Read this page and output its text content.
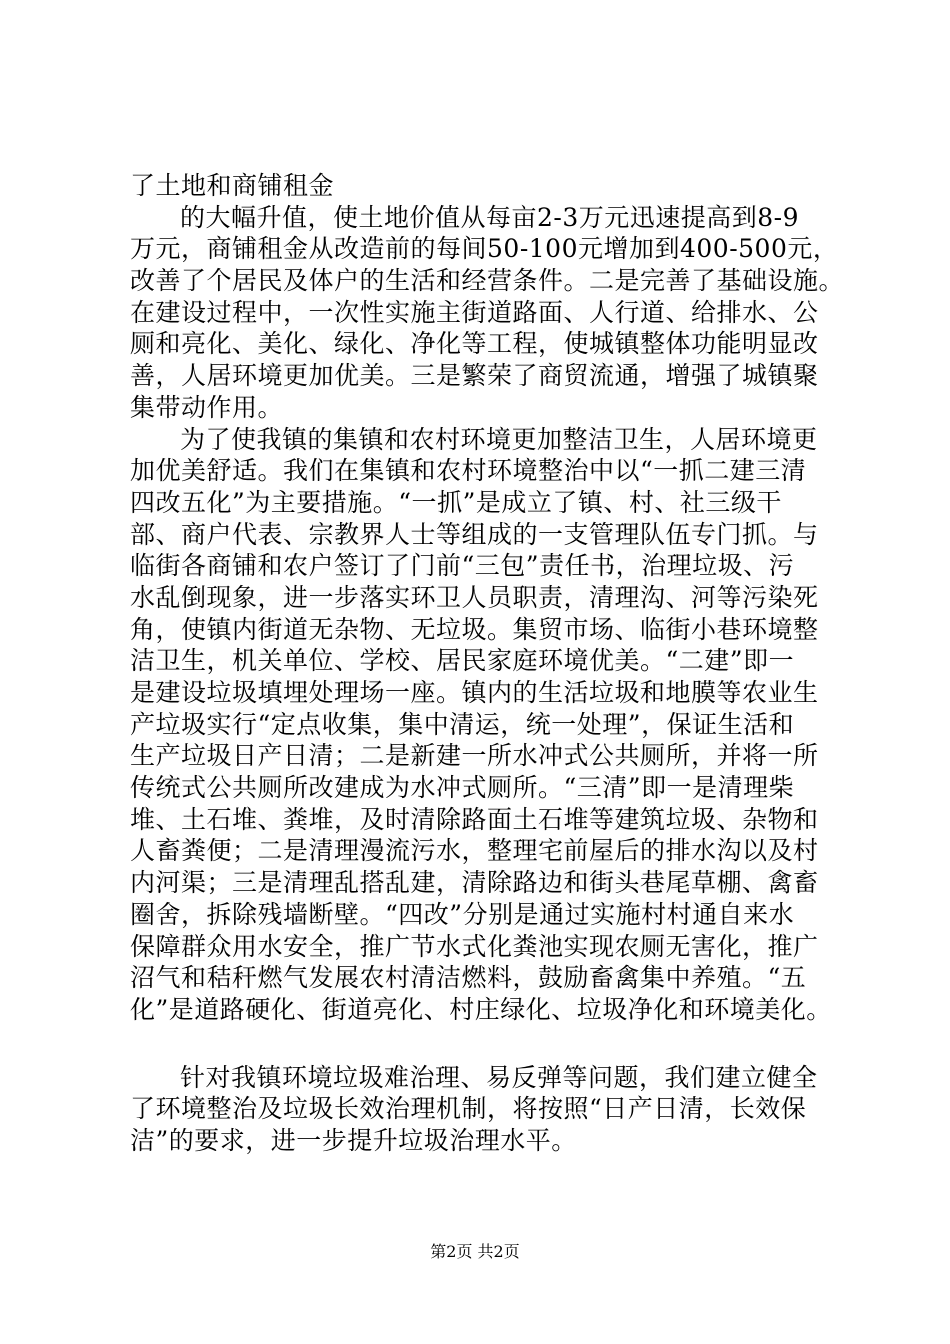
了土地和商铺租金
的大幅升值，使土地价值从每亩2-3万元迅速提高到8-9
万元，商铺租金从改造前的每间50-100元增加到400-500元，
改善了个居民及体户的生活和经营条件。二是完善了基础设施。
在建设过程中，一次性实施主街道路面、人行道、给排水、公
厕和亮化、美化、绿化、净化等工程，使城镇整体功能明显改
善，人居环境更加优美。三是繁荣了商贸流通，增强了城镇聚
集带动作用。
为了使我镇的集镇和农村环境更加整洁卫生，人居环境更
加优美舒适。我们在集镇和农村环境整治中以“一抓二建三清
四改五化”为主要措施。“一抓”是成立了镇、村、社三级干
部、商户代表、宗教界人士等组成的一支管理队伍专门抓。与
临街各商铺和农户签订了门前“三包”责任书，治理垃圾、污
水乱倒现象，进一步落实环卫人员职责，清理沟、河等污染死
角，使镇内街道无杂物、无垃圾。集贸市场、临街小巷环境整
洁卫生，机关单位、学校、居民家庭环境优美。“二建”即一
是建设垃圾填埋处理场一座。镇内的生活垃圾和地膜等农业生
产垃圾实行“定点收集，集中清运，统一处理”，保证生活和
生产垃圾日产日清；二是新建一所水冲式公共厕所，并将一所
传统式公共厕所改建成为水冲式厕所。“三清”即一是清理柴
堆、土石堆、粪堆，及时清除路面土石堆等建筑垃圾、杂物和
人畜粪便；二是清理漫流污水，整理宅前屋后的排水沟以及村
内河渠；三是清理乱搭乱建，清除路边和街头巷尾草棚、禽畜
圈舍，拆除残墙断壁。“四改”分别是通过实施村村通自来水
保障群众用水安全，推广节水式化粪池实现农厕无害化，推广
沼气和秸秆燃气发展农村清洁燃料，鼓励畜禽集中养殖。“五
化”是道路硬化、街道亮化、村庄绿化、垃圾净化和环境美化。
针对我镇环境垃圾难治理、易反弹等问题，我们建立健全
了环境整治及垃圾长效治理机制，将按照“日产日清，长效保
洁”的要求，进一步提升垃圾治理水平。
第2页 共2页
